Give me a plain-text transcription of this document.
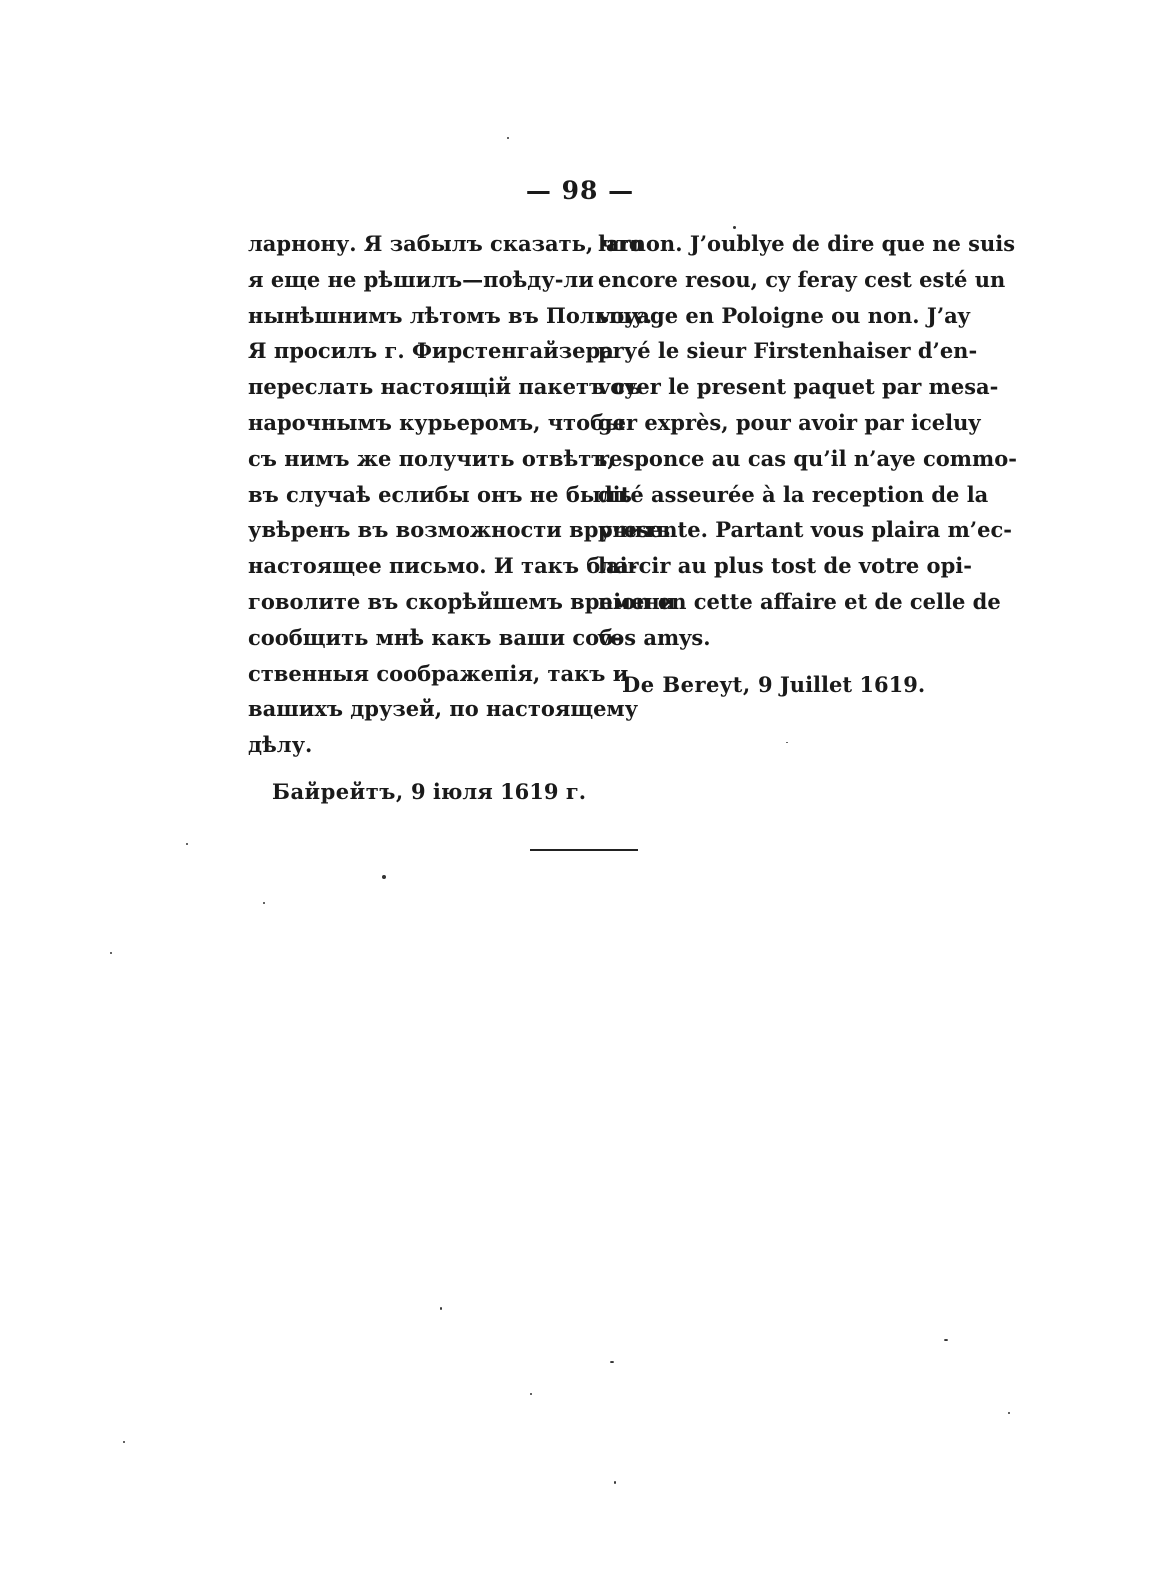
— 98 —
ларнону. Я забылъ сказать, что
я еще не рѣшилъ—поѣду-ли
нынѣшнимъ лѣтомъ въ Польшу.
Я просилъ г. Фирстенгайзера
переслать настоящій пакетъ съ
нарочнымъ курьеромъ, чтобы
съ нимъ же получить отвѣтъ,
въ случаѣ еслибы онъ не былъ
увѣренъ въ возможности вручить
настоящее письмо. И такъ бла-
говолите въ скорѣйшемъ времени
сообщить мнѣ какъ ваши соб-
ственныя соображепія, такъ и
вашихъ друзей, по настоящему
дѣлу.
Байрейтъ, 9 іюля 1619 г.
larnon. J’oublye de dire que ne suis
encore resou, cy feray cest esté un
voyage en Poloigne ou non. J’ay
prуé le sieur Firstenhaiser d’en-
voyer le present paquet par mesa-
ger exprès, pour avoir par iceluy
responce au cas qu’il n’aye commo-
dité asseurée à la reception de la
presente. Partant vous plaira m’ec-
laircir au plus tost de votre opi-
nion en cette affaire et de celle de
vos amys.
De Bereyt, 9 Juillet 1619.
